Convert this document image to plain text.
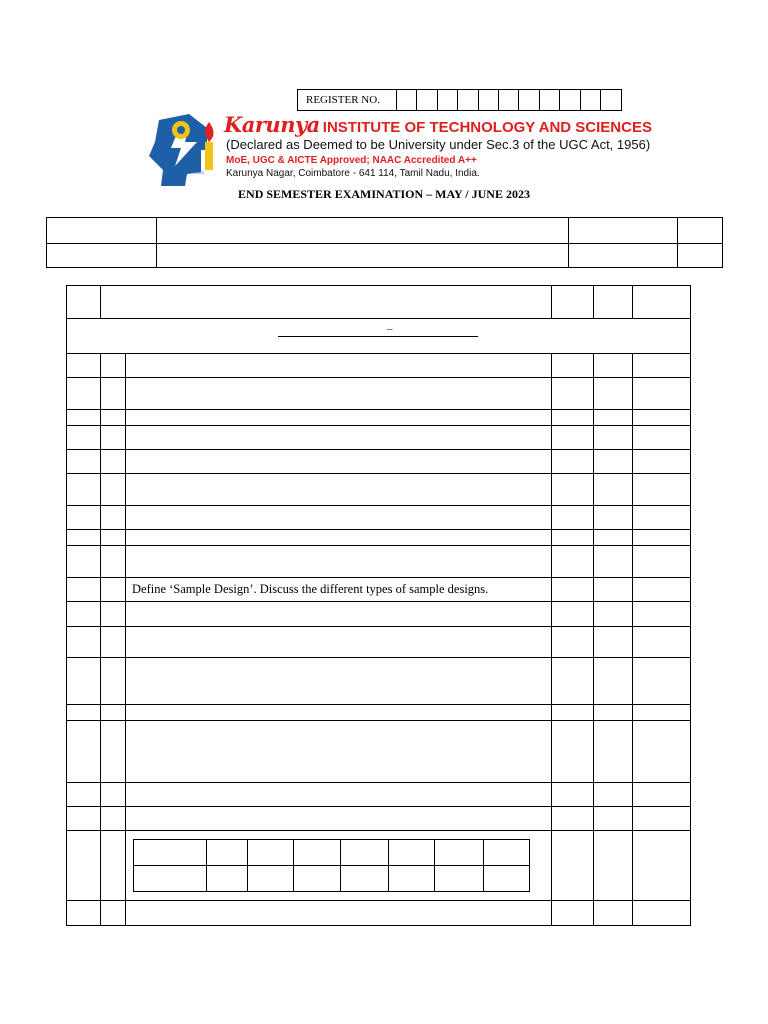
REGISTER NO.
APPLIED
Karunya INSTITUTE OF TECHNOLOGY AND SCIENCES
(Declared as Deemed to be University under Sec.3 of the UGC Act, 1956)
MoE, UGC & AICTE Approved; NAAC Accredited A++
Karunya Nagar, Coimbatore - 641 114, Tamil Nadu, India.
END SEMESTER EXAMINATION – MAY / JUNE 2023

–

		Define ‘Sample Design’. Discuss the different types of sample designs.			
